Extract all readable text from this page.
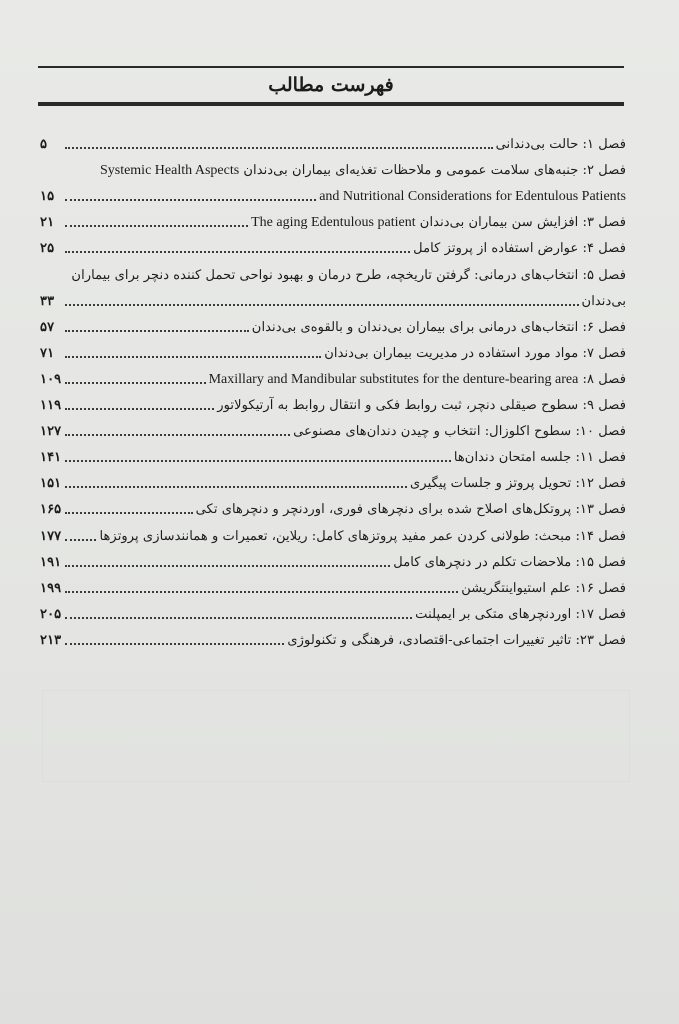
فهرست مطالب
فصل ۱: حالت بی‌دندانی
۵
فصل ۲: جنبه‌های سلامت عمومی و ملاحظات تغذیه‌ای بیماران بی‌دندان Systemic Health Aspects
and Nutritional Considerations for Edentulous Patients
۱۵
فصل ۳: افزایش سن بیماران بی‌دندان The aging Edentulous patient
۲۱
فصل ۴: عوارض استفاده از پروتز کامل
۲۵
فصل ۵: انتخاب‌های درمانی: گرفتن تاریخچه، طرح درمان و بهبود نواحی تحمل کننده دنچر برای بیماران
بی‌دندان
۳۳
فصل ۶: انتخاب‌های درمانی برای بیماران بی‌دندان و بالقوه‌ی بی‌دندان
۵۷
فصل ۷: مواد مورد استفاده در مدیریت بیماران بی‌دندان
۷۱
فصل ۸: Maxillary and Mandibular substitutes for the denture-bearing area
۱۰۹
فصل ۹: سطوح صیقلی دنچر، ثبت روابط فکی و انتقال روابط به آرتیکولاتور
۱۱۹
فصل ۱۰: سطوح اکلوزال: انتخاب و چیدن دندان‌های مصنوعی
۱۲۷
فصل ۱۱: جلسه امتحان دندان‌ها
۱۴۱
فصل ۱۲: تحویل پروتز و جلسات پیگیری
۱۵۱
فصل ۱۳: پروتکل‌های اصلاح شده برای دنچرهای فوری، اوردنچر و دنچرهای تکی
۱۶۵
فصل ۱۴: مبحث: طولانی کردن عمر مفید پروتزهای کامل: ریلاین، تعمیرات و همانندسازی پروتزها
۱۷۷
فصل ۱۵: ملاحضات تکلم در دنچرهای کامل
۱۹۱
فصل ۱۶: علم استیواینتگریشن
۱۹۹
فصل ۱۷: اوردنچرهای متکی بر ایمپلنت
۲۰۵
فصل ۲۳: تاثیر تغییرات اجتماعی-اقتصادی، فرهنگی و تکنولوژی
۲۱۳
